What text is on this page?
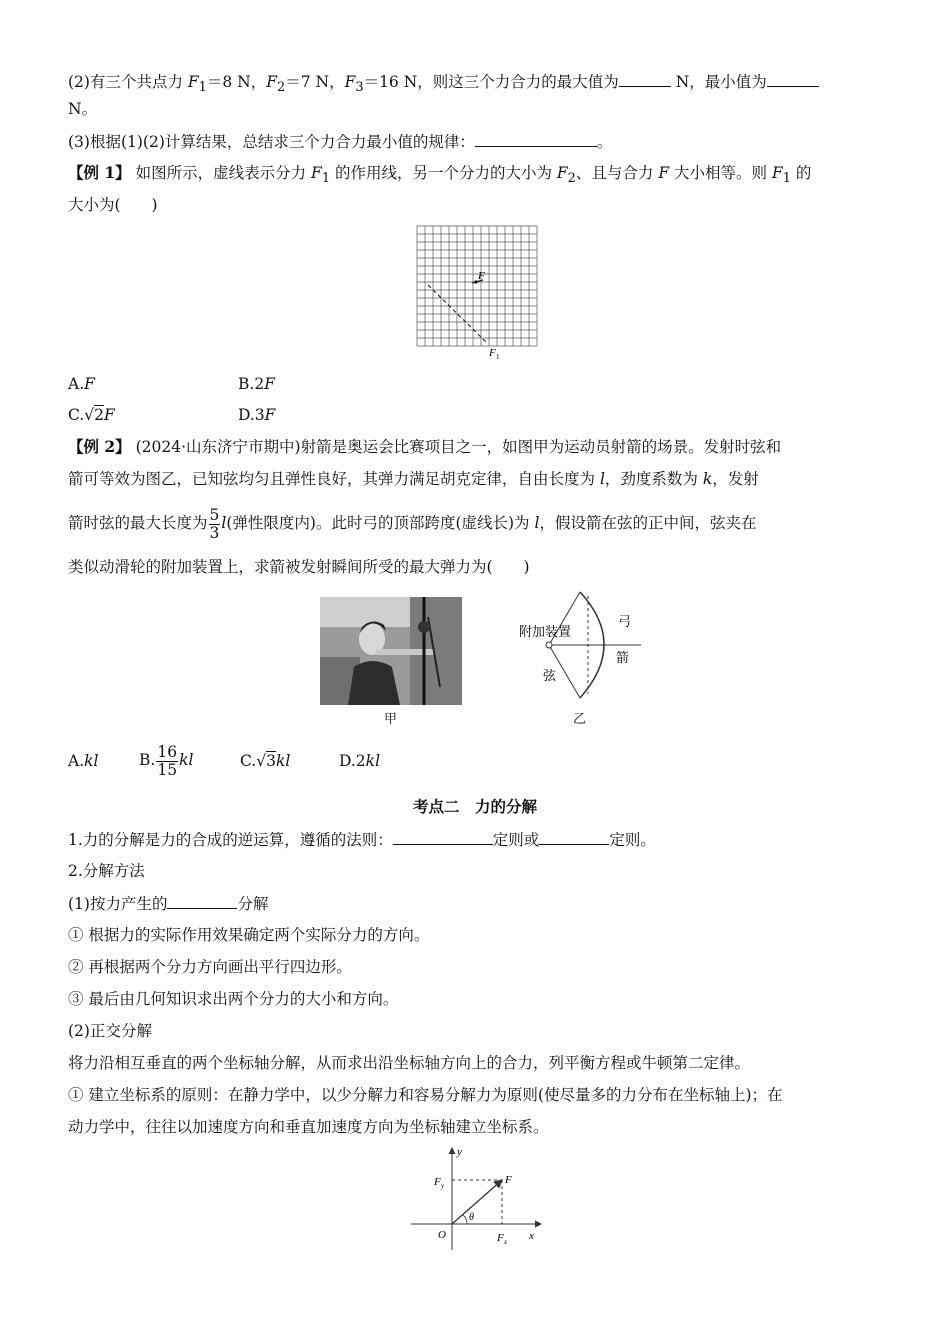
(2)有三个共点力 $F_1=8$ N，$F_2=7$ N，$F_3=16$ N，则这三个力合力的最大值为	N，最小值为
N。
(3)根据(1)(2)计算结果，总结求三个力合力最小值的规律：	。
【例 1】 如图所示，虚线表示分力 $F_1$ 的作用线，另一个分力的大小为 $F_2$、且与合力 F 大小相等。则 $F_1$ 的
大小为(　　)
F
F 1
A.F	B.2F
C.√2F	D.3F
【例 2】 (2024·山东济宁市期中)射箭是奥运会比赛项目之一，如图甲为运动员射箭的场景。发射时弦和
箭可等效为图乙，已知弦均匀且弹性良好，其弹力满足胡克定律，自由长度为 l，劲度系数为 k，发射
箭时弦的最大长度为 $\frac{5}{3} l$(弹性限度内)。此时弓的顶部跨度(虚线长)为 l，假设箭在弦的正中间，弦夹在
类似动滑轮的附加装置上，求箭被发射瞬间所受的最大弹力为(　　)
甲
附加装置
弓
箭
弦
乙
A.kl	B. $\frac{16}{15}$ kl	C.√3kl	D.2kl
考点二　力的分解
1.力的分解是力的合成的逆运算，遵循的法则：	定则或	定则。
2.分解方法
(1)按力产生的	分解
① 根据力的实际作用效果确定两个实际分力的方向。
② 再根据两个分力方向画出平行四边形。
③ 最后由几何知识求出两个分力的大小和方向。
(2)正交分解
将力沿相互垂直的两个坐标轴分解，从而求出沿坐标轴方向上的合力，列平衡方程或牛顿第二定律。
① 建立坐标系的原则：在静力学中，以少分解力和容易分解力为原则(使尽量多的力分布在坐标轴上)；在
动力学中，往往以加速度方向和垂直加速度方向为坐标轴建立坐标系。
y
x
O
F
F y
F x
θ
